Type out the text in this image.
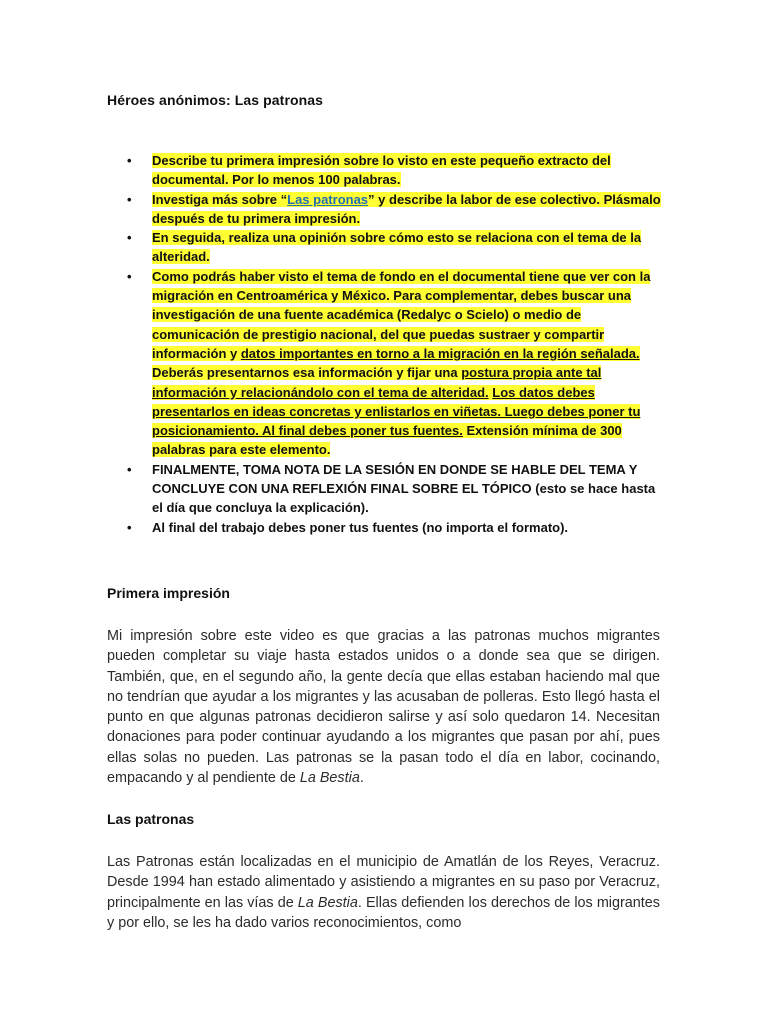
Héroes anónimos: Las patronas
• Describe tu primera impresión sobre lo visto en este pequeño extracto del documental. Por lo menos 100 palabras.
• Investiga más sobre “Las patronas” y describe la labor de ese colectivo. Plásmalo después de tu primera impresión.
• En seguida, realiza una opinión sobre cómo esto se relaciona con el tema de la alteridad.
• Como podrás haber visto el tema de fondo en el documental tiene que ver con la migración en Centroamérica y México. Para complementar, debes buscar una investigación de una fuente académica (Redalyc o Scielo) o medio de comunicación de prestigio nacional, del que puedas sustraer y compartir información y datos importantes en torno a la migración en la región señalada. Deberás presentarnos esa información y fijar una postura propia ante tal información y relacionándolo con el tema de alteridad. Los datos debes presentarlos en ideas concretas y enlistarlos en viñetas. Luego debes poner tu posicionamiento. Al final debes poner tus fuentes. Extensión mínima de 300 palabras para este elemento.
• FINALMENTE, TOMA NOTA DE LA SESIÓN EN DONDE SE HABLE DEL TEMA Y CONCLUYE CON UNA REFLEXIÓN FINAL SOBRE EL TÓPICO (esto se hace hasta el día que concluya la explicación).
• Al final del trabajo debes poner tus fuentes (no importa el formato).
Primera impresión

Mi impresión sobre este video es que gracias a las patronas muchos migrantes pueden completar su viaje hasta estados unidos o a donde sea que se dirigen. También, que, en el segundo año, la gente decía que ellas estaban haciendo mal que no tendrían que ayudar a los migrantes y las acusaban de polleras. Esto llegó hasta el punto en que algunas patronas decidieron salirse y así solo quedaron 14. Necesitan donaciones para poder continuar ayudando a los migrantes que pasan por ahí, pues ellas solas no pueden. Las patronas se la pasan todo el día en labor, cocinando, empacando y al pendiente de La Bestia.

Las patronas

Las Patronas están localizadas en el municipio de Amatlán de los Reyes, Veracruz. Desde 1994 han estado alimentado y asistiendo a migrantes en su paso por Veracruz, principalmente en las vías de La Bestia. Ellas defienden los derechos de los migrantes y por ello, se les ha dado varios reconocimientos, como
